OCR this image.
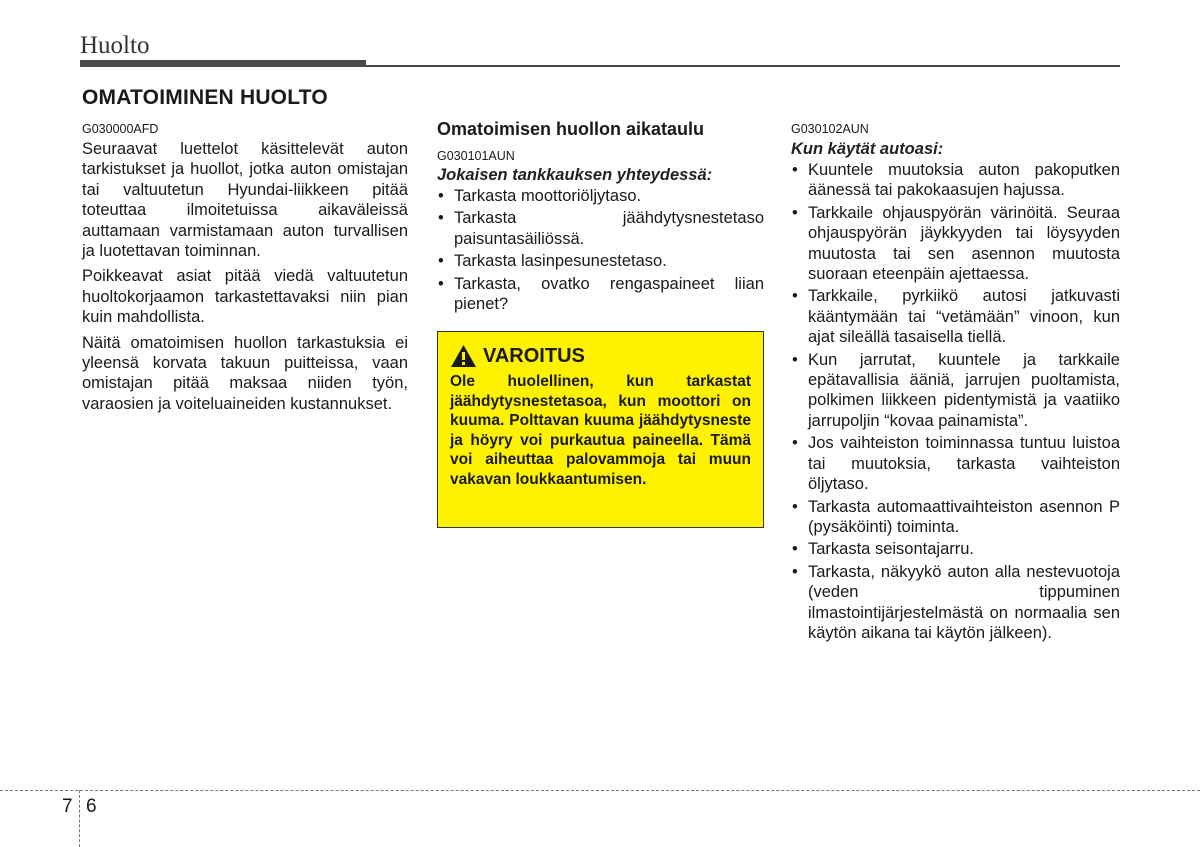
Huolto
OMATOIMINEN HUOLTO

G030000AFD

Seuraavat luettelot käsittelevät auton tarkistukset ja huollot, jotka auton omistajan tai valtuutetun Hyundai-liikkeen pitää toteuttaa ilmoitetuissa aikaväleissä auttamaan varmistamaan auton turvallisen ja luotettavan toiminnan.

Poikkeavat asiat pitää viedä valtuutetun huoltokorjaamon tarkastettavaksi niin pian kuin mahdollista.

Näitä omatoimisen huollon tarkastuksia ei yleensä korvata takuun puitteissa, vaan omistajan pitää maksaa niiden työn, varaosien ja voiteluaineiden kustannukset.

Omatoimisen huollon aikataulu

G030101AUN

Jokaisen tankkauksen yhteydessä:

• Tarkasta moottoriöljytaso.
• Tarkasta jäähdytysnestetaso paisuntasäiliössä.
• Tarkasta lasinpesunestetaso.
• Tarkasta, ovatko rengaspaineet liian pienet?
VAROITUS

Ole huolellinen, kun tarkastat jäähdytysnestetasoa, kun moottori on kuuma. Polttavan kuuma jäähdytysneste ja höyry voi purkautua paineella. Tämä voi aiheuttaa palovammoja tai muun vakavan loukkaantumisen.

G030102AUN

Kun käytät autoasi:

• Kuuntele muutoksia auton pakoputken äänessä tai pakokaasujen hajussa.
• Tarkkaile ohjauspyörän värinöitä. Seuraa ohjauspyörän jäykkyyden tai löysyyden muutosta tai sen asennon muutosta suoraan eteenpäin ajettaessa.
• Tarkkaile, pyrkiikö autosi jatkuvasti kääntymään tai “vetämään” vinoon, kun ajat sileällä tasaisella tiellä.
• Kun jarrutat, kuuntele ja tarkkaile epätavallisia ääniä, jarrujen puoltamista, polkimen liikkeen pidentymistä ja vaatiiko jarrupoljin “kovaa painamista”.
• Jos vaihteiston toiminnassa tuntuu luistoa tai muutoksia, tarkasta vaihteiston öljytaso.
• Tarkasta automaattivaihteiston asennon P (pysäköinti) toiminta.
• Tarkasta seisontajarru.
• Tarkasta, näkyykö auton alla nestevuotoja (veden tippuminen ilmastointijärjestelmästä on normaalia sen käytön aikana tai käytön jälkeen).
7 6
